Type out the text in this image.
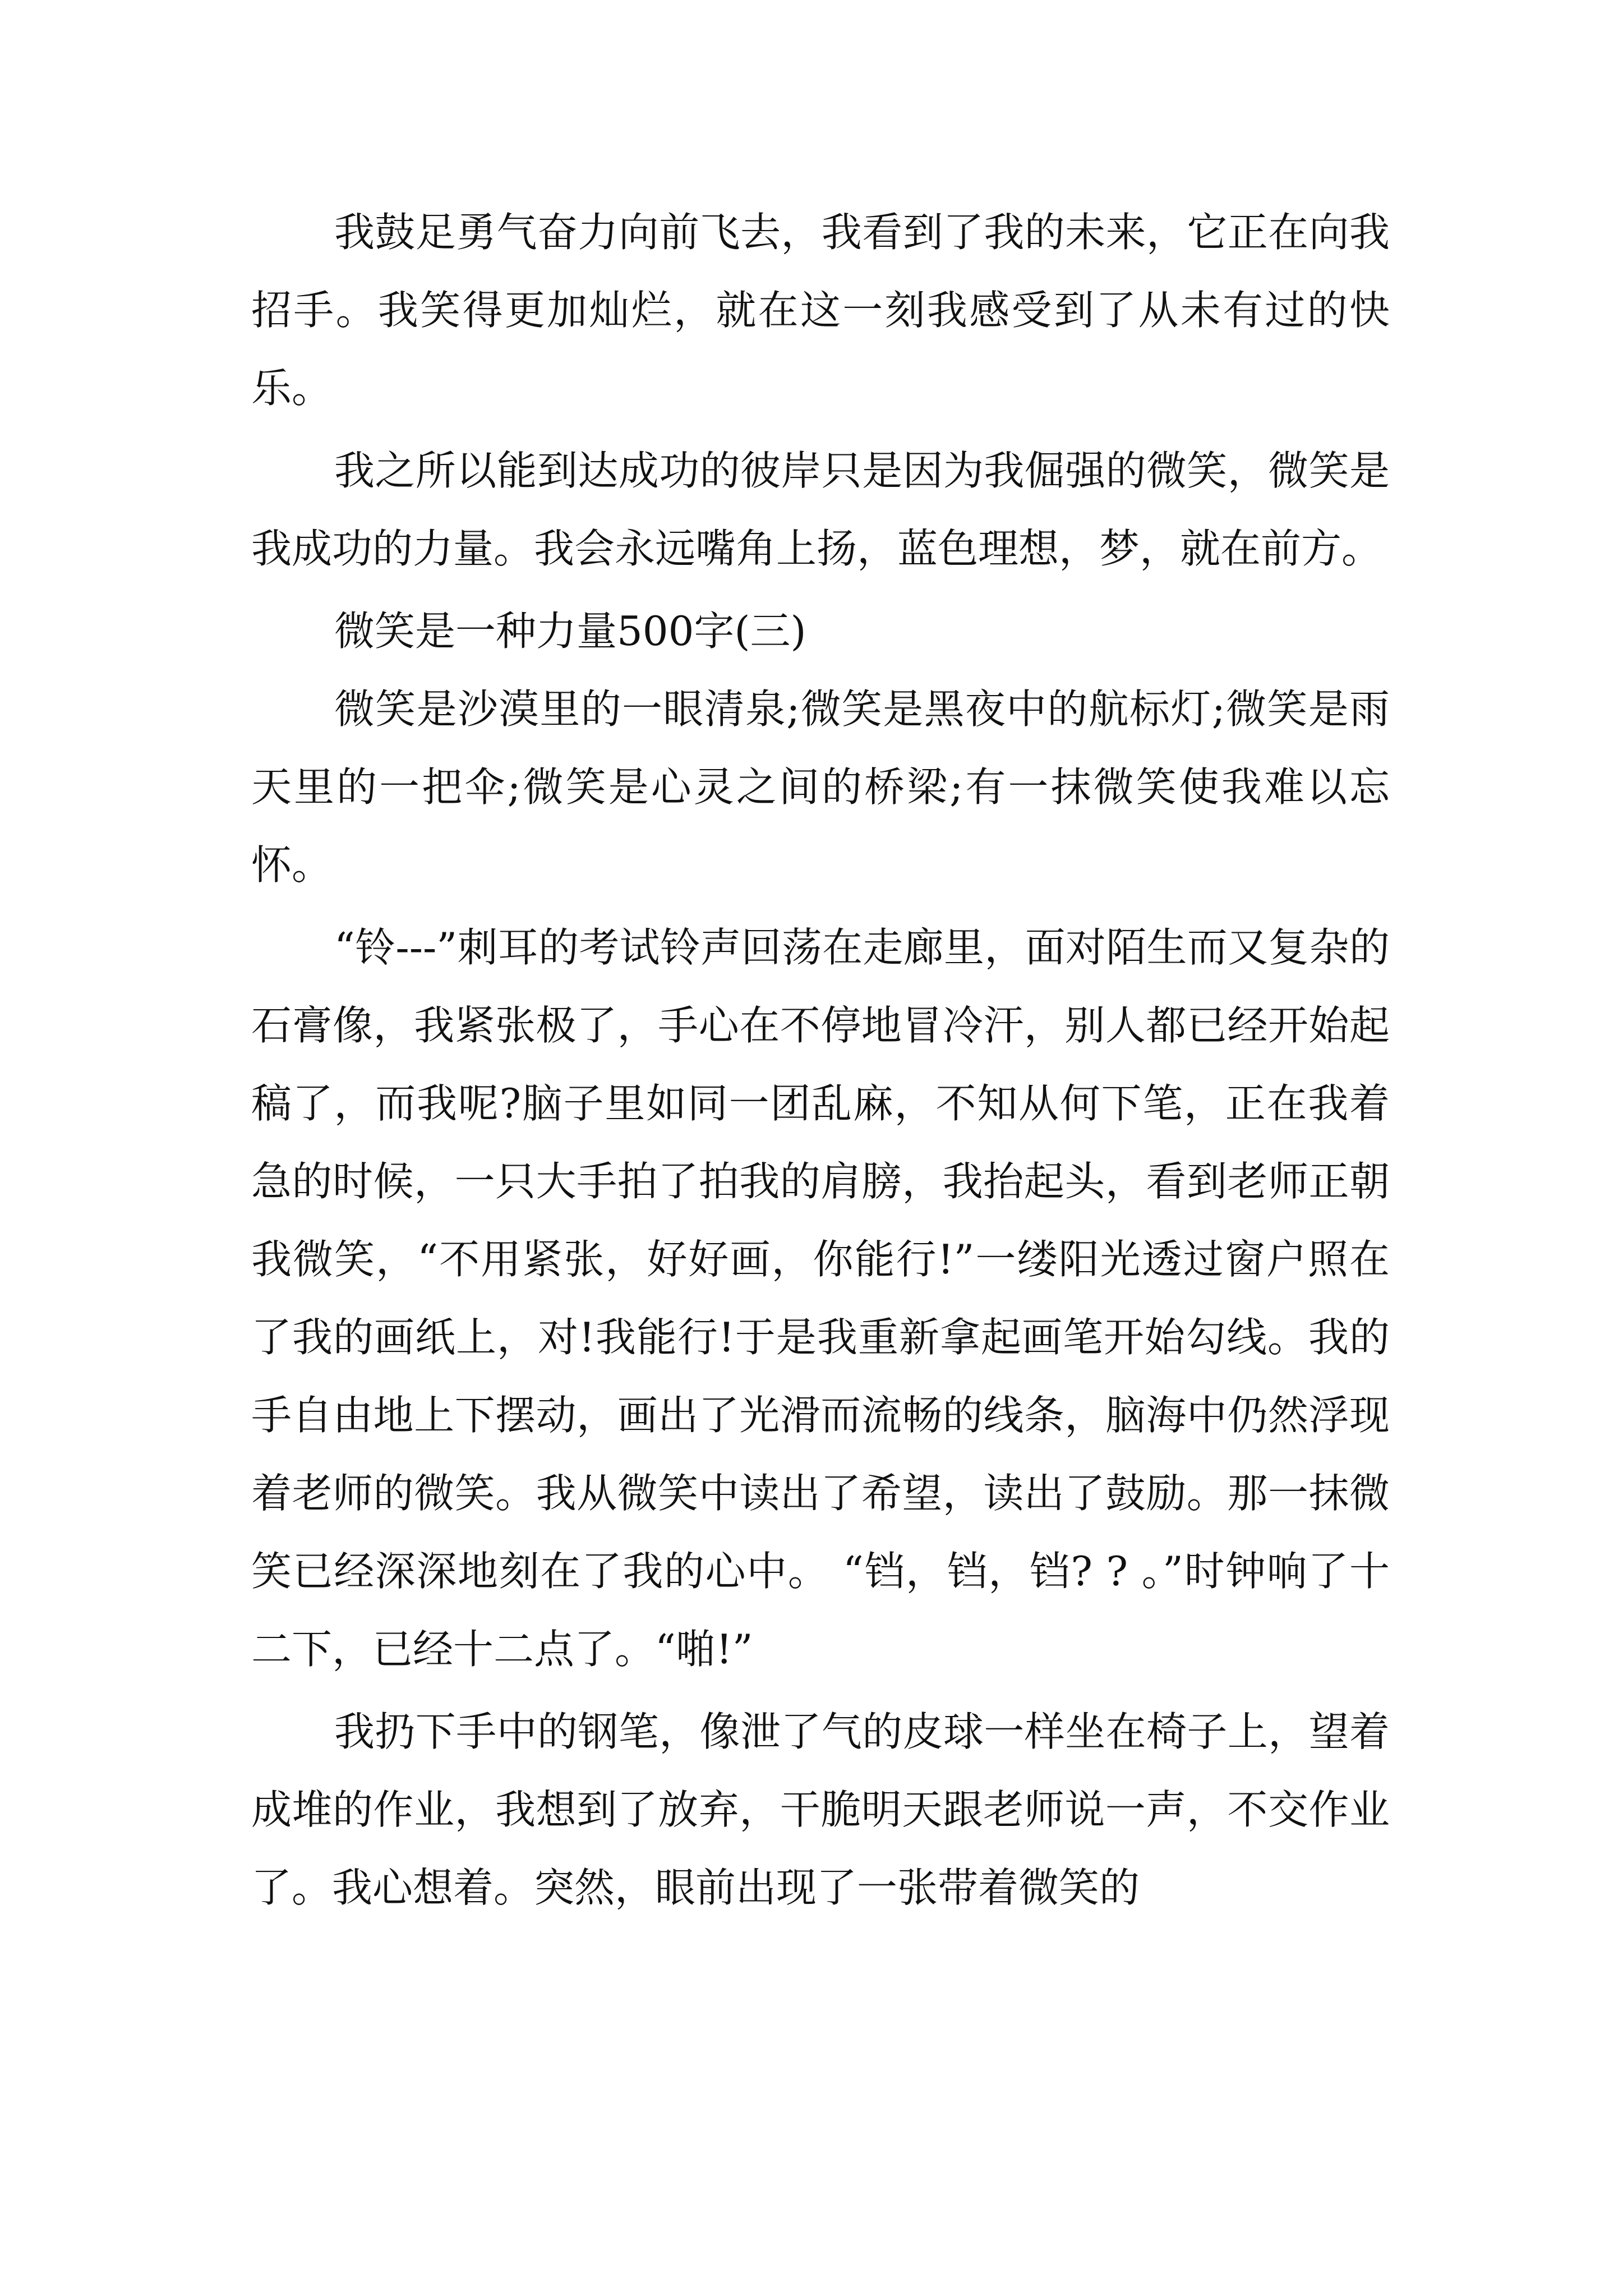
我鼓足勇气奋力向前飞去，我看到了我的未来，它正在向我招手。我笑得更加灿烂，就在这一刻我感受到了从未有过的快乐。

我之所以能到达成功的彼岸只是因为我倔强的微笑，微笑是我成功的力量。我会永远嘴角上扬，蓝色理想，梦，就在前方。

微笑是一种力量500字(三)

微笑是沙漠里的一眼清泉;微笑是黑夜中的航标灯;微笑是雨天里的一把伞;微笑是心灵之间的桥梁;有一抹微笑使我难以忘怀。

“铃---”刺耳的考试铃声回荡在走廊里，面对陌生而又复杂的石膏像，我紧张极了，手心在不停地冒冷汗，别人都已经开始起稿了，而我呢?脑子里如同一团乱麻，不知从何下笔，正在我着急的时候，一只大手拍了拍我的肩膀，我抬起头，看到老师正朝我微笑，“不用紧张，好好画，你能行!”一缕阳光透过窗户照在了我的画纸上，对!我能行!于是我重新拿起画笔开始勾线。我的手自由地上下摆动，画出了光滑而流畅的线条，脑海中仍然浮现着老师的微笑。我从微笑中读出了希望，读出了鼓励。那一抹微笑已经深深地刻在了我的心中。 “铛，铛，铛? ? 。”时钟响了十二下，已经十二点了。“啪!”

我扔下手中的钢笔，像泄了气的皮球一样坐在椅子上，望着成堆的作业，我想到了放弃，干脆明天跟老师说一声，不交作业了。我心想着。突然，眼前出现了一张带着微笑的
